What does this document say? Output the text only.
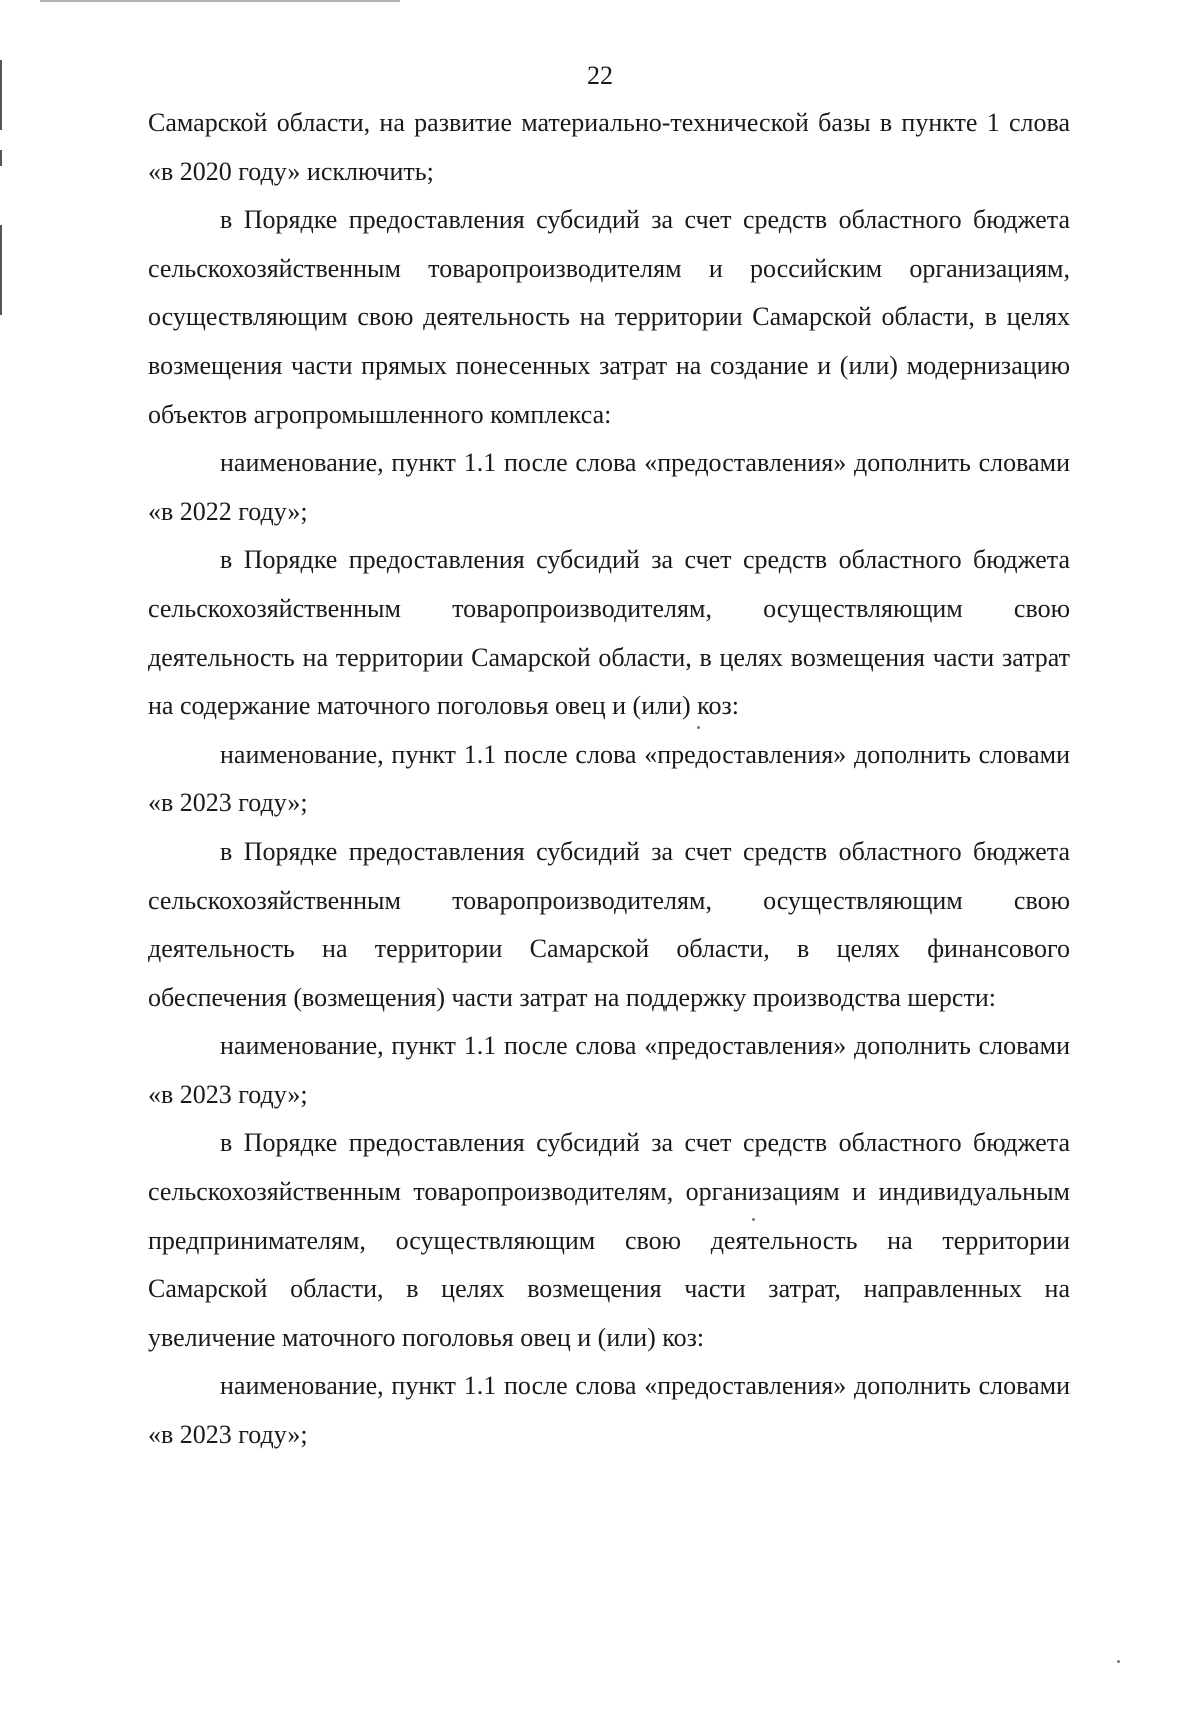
22

Самарской области, на развитие материально-технической базы в пункте 1 слова «в 2020 году» исключить;

в Порядке предоставления субсидий за счет средств областного бюджета сельскохозяйственным товаропроизводителям и российским организациям, осуществляющим свою деятельность на территории Самарской области, в целях возмещения части прямых понесенных затрат на создание и (или) модернизацию объектов агропромышленного комплекса:

наименование, пункт 1.1 после слова «предоставления» дополнить словами «в 2022 году»;

в Порядке предоставления субсидий за счет средств областного бюджета сельскохозяйственным товаропроизводителям, осуществляющим свою деятельность на территории Самарской области, в целях возмещения части затрат на содержание маточного поголовья овец и (или) коз:

наименование, пункт 1.1 после слова «предоставления» дополнить словами «в 2023 году»;

в Порядке предоставления субсидий за счет средств областного бюджета сельскохозяйственным товаропроизводителям, осуществляющим свою деятельность на территории Самарской области, в целях финансового обеспечения (возмещения) части затрат на поддержку производства шерсти:

наименование, пункт 1.1 после слова «предоставления» дополнить словами «в 2023 году»;

в Порядке предоставления субсидий за счет средств областного бюджета сельскохозяйственным товаропроизводителям, организациям и индивидуальным предпринимателям, осуществляющим свою деятельность на территории Самарской области, в целях возмещения части затрат, направленных на увеличение маточного поголовья овец и (или) коз:

наименование, пункт 1.1 после слова «предоставления» дополнить словами «в 2023 году»;
